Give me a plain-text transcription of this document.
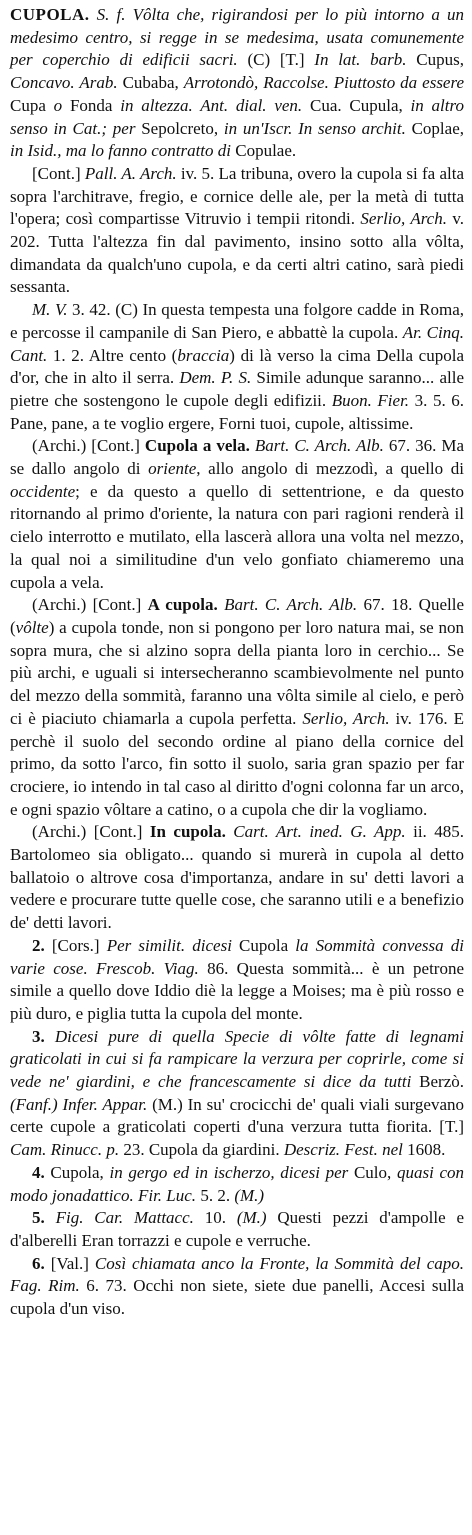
CUPOLA. S. f. Vôlta che, rigirandosi per lo più intorno a un medesimo centro, si regge in se medesima, usata comunemente per coperchio di edificii sacri. (C) [T.] In lat. barb. Cupus, Concavo. Arab. Cubaba, Arrotondò, Raccolse. Piuttosto da essere Cupa o Fonda in altezza. Ant. dial. ven. Cua. Cupula, in altro senso in Cat.; per Sepolcreto, in un'Iscr. In senso archit. Coplae, in Isid., ma lo fanno contratto di Copulae.

[Cont.] Pall. A. Arch. iv. 5. La tribuna, overo la cupola si fa alta sopra l'architrave, fregio, e cornice delle ale, per la metà di tutta l'opera; così compartisse Vitruvio i tempii ritondi. Serlio, Arch. v. 202. Tutta l'altezza fin dal pavimento, insino sotto alla vôlta, dimandata da qualch'uno cupola, e da certi altri catino, sarà piedi sessanta.

M. V. 3. 42. (C) In questa tempesta una folgore cadde in Roma, e percosse il campanile di San Piero, e abbattè la cupola. Ar. Cinq. Cant. 1. 2. Altre cento (braccia) di là verso la cima Della cupola d'or, che in alto il serra. Dem. P. S. Simile adunque saranno... alle pietre che sostengono le cupole degli edifizii. Buon. Fier. 3. 5. 6. Pane, pane, a te voglio ergere, Forni tuoi, cupole, altissime.

(Archi.) [Cont.] Cupola a vela. Bart. C. Arch. Alb. 67. 36. Ma se dallo angolo di oriente, allo angolo di mezzodì, a quello di occidente; e da questo a quello di settentrione, e da questo ritornando al primo d'oriente, la natura con pari ragioni renderà il cielo interrotto e mutilato, ella lascerà allora una volta nel mezzo, la qual noi a similitudine d'un velo gonfiato chiameremo una cupola a vela.

(Archi.) [Cont.] A cupola. Bart. C. Arch. Alb. 67. 18. Quelle (vôlte) a cupola tonde, non si pongono per loro natura mai, se non sopra mura, che si alzino sopra della pianta loro in cerchio... Se più archi, e uguali si intersecheranno scambievolmente nel punto del mezzo della sommità, faranno una vôlta simile al cielo, e però ci è piaciuto chiamarla a cupola perfetta. Serlio, Arch. iv. 176. E perchè il suolo del secondo ordine al piano della cornice del primo, da sotto l'arco, fin sotto il suolo, saria gran spazio per far crociere, io intendo in tal caso al diritto d'ogni colonna far un arco, e ogni spazio vôltare a catino, o a cupola che dir la vogliamo.

(Archi.) [Cont.] In cupola. Cart. Art. ined. G. App. ii. 485. Bartolomeo sia obligato... quando si murerà in cupola al detto ballatoio o altrove cosa d'importanza, andare in su' detti lavori a vedere e procurare tutte quelle cose, che saranno utili e a benefizio de' detti lavori.

2. [Cors.] Per similit. dicesi Cupola la Sommità convessa di varie cose. Frescob. Viag. 86. Questa sommità... è un petrone simile a quello dove Iddio diè la legge a Moises; ma è più rosso e più duro, e piglia tutta la cupola del monte.

3. Dicesi pure di quella Specie di vôlte fatte di legnami graticolati in cui si fa rampicare la verzura per coprirle, come si vede ne' giardini, e che francescamente si dice da tutti Berzò. (Fanf.) Infer. Appar. (M.) In su' crocicchi de' quali viali surgevano certe cupole a graticolati coperti d'una verzura tutta fiorita. [T.] Cam. Rinucc. p. 23. Cupola da giardini. Descriz. Fest. nel 1608.

4. Cupola, in gergo ed in ischerzo, dicesi per Culo, quasi con modo jonadattico. Fir. Luc. 5. 2. (M.)

5. Fig. Car. Mattacc. 10. (M.) Questi pezzi d'ampolle e d'alberelli Eran torrazzi e cupole e verruche.

6. [Val.] Così chiamata anco la Fronte, la Sommità del capo. Fag. Rim. 6. 73. Occhi non siete, siete due panelli, Accesi sulla cupola d'un viso.
